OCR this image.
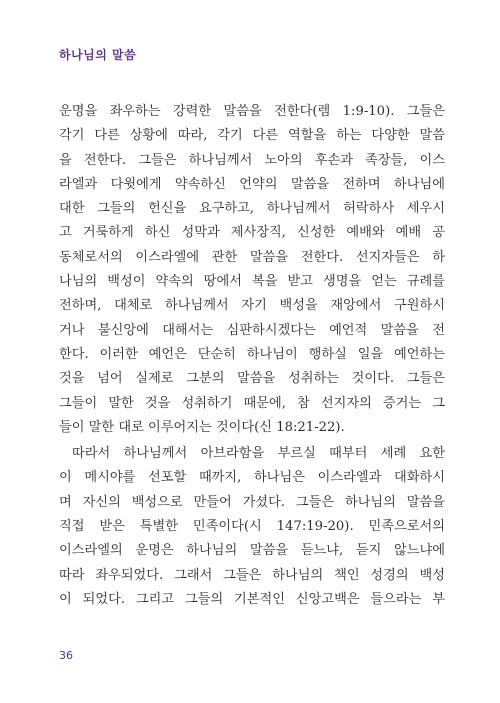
하나님의 말씀
운명을 좌우하는 강력한 말씀을 전한다(렘 1:9-10). 그들은
각기 다른 상황에 따라, 각기 다른 역할을 하는 다양한 말씀
을 전한다. 그들은 하나님께서 노아의 후손과 족장들, 이스
라엘과 다윗에게 약속하신 언약의 말씀을 전하며 하나님에
대한 그들의 헌신을 요구하고, 하나님께서 허락하사 세우시
고 거룩하게 하신 성막과 제사장직, 신성한 예배와 예배 공
동체로서의 이스라엘에 관한 말씀을 전한다. 선지자들은 하
나님의 백성이 약속의 땅에서 복을 받고 생명을 얻는 규례를
전하며, 대체로 하나님께서 자기 백성을 재앙에서 구원하시
거나 불신앙에 대해서는 심판하시겠다는 예언적 말씀을 전
한다. 이러한 예언은 단순히 하나님이 행하실 일을 예언하는
것을 넘어 실제로 그분의 말씀을 성취하는 것이다. 그들은
그들이 말한 것을 성취하기 때문에, 참 선지자의 증거는 그
들이 말한 대로 이루어지는 것이다(신 18:21-22).
따라서 하나님께서 아브라함을 부르실 때부터 세례 요한
이 메시야를 선포할 때까지, 하나님은 이스라엘과 대화하시
며 자신의 백성으로 만들어 가셨다. 그들은 하나님의 말씀을
직접 받은 특별한 민족이다(시 147:19-20). 민족으로서의
이스라엘의 운명은 하나님의 말씀을 듣느냐, 듣지 않느냐에
따라 좌우되었다. 그래서 그들은 하나님의 책인 성경의 백성
이 되었다. 그리고 그들의 기본적인 신앙고백은 들으라는 부
36
